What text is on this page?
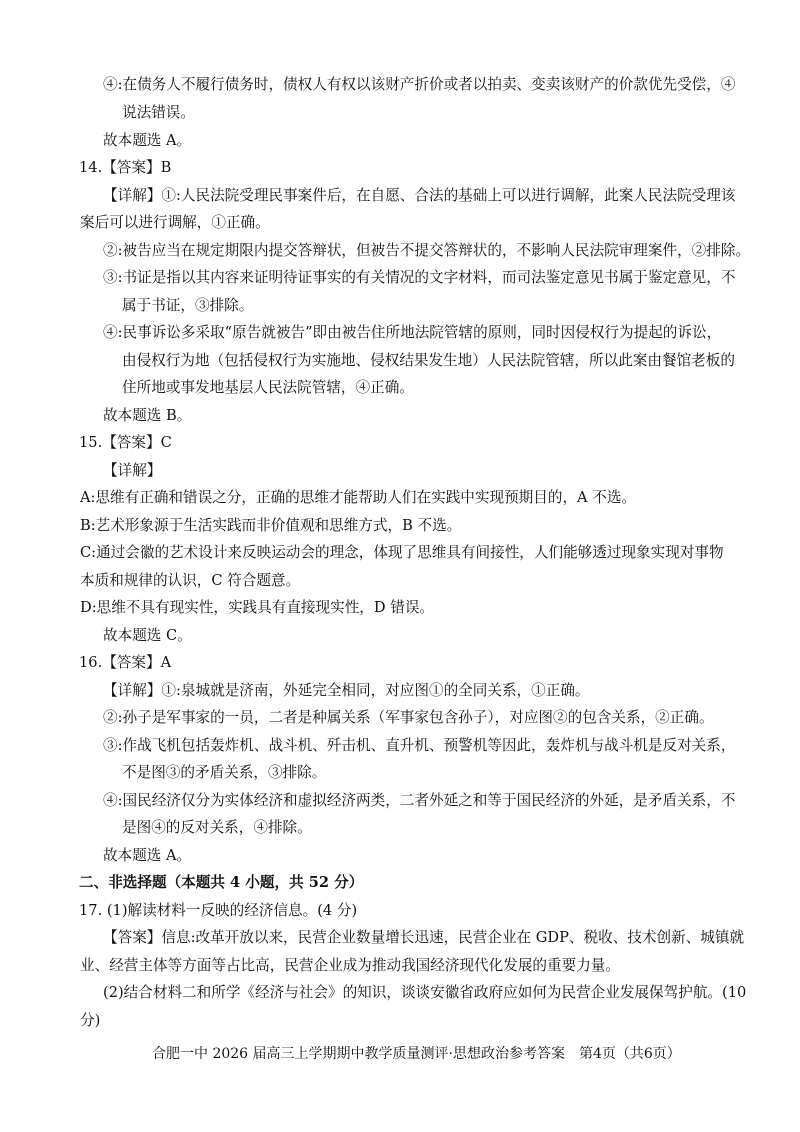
④:在债务人不履行债务时，债权人有权以该财产折价或者以拍卖、变卖该财产的价款优先受偿，④
说法错误。
故本题选 A。
14.【答案】B
【详解】①:人民法院受理民事案件后，在自愿、合法的基础上可以进行调解，此案人民法院受理该
案后可以进行调解，①正确。
②:被告应当在规定期限内提交答辩状，但被告不提交答辩状的，不影响人民法院审理案件，②排除。
③:书证是指以其内容来证明待证事实的有关情况的文字材料，而司法鉴定意见书属于鉴定意见，不
属于书证，③排除。
④:民事诉讼多采取“原告就被告”即由被告住所地法院管辖的原则，同时因侵权行为提起的诉讼，
由侵权行为地（包括侵权行为实施地、侵权结果发生地）人民法院管辖，所以此案由餐馆老板的
住所地或事发地基层人民法院管辖，④正确。
故本题选 B。
15.【答案】C
【详解】
A:思维有正确和错误之分，正确的思维才能帮助人们在实践中实现预期目的，A 不选。
B:艺术形象源于生活实践而非价值观和思维方式，B 不选。
C:通过会徽的艺术设计来反映运动会的理念，体现了思维具有间接性，人们能够透过现象实现对事物
本质和规律的认识，C 符合题意。
D:思维不具有现实性，实践具有直接现实性，D 错误。
故本题选 C。
16.【答案】A
【详解】①:泉城就是济南，外延完全相同，对应图①的全同关系，①正确。
②:孙子是军事家的一员，二者是种属关系（军事家包含孙子），对应图②的包含关系，②正确。
③:作战飞机包括轰炸机、战斗机、歼击机、直升机、预警机等因此，轰炸机与战斗机是反对关系，
不是图③的矛盾关系，③排除。
④:国民经济仅分为实体经济和虚拟经济两类，二者外延之和等于国民经济的外延，是矛盾关系，不
是图④的反对关系，④排除。
故本题选 A。
二、非选择题（本题共 4 小题，共 52 分）
17. (1)解读材料一反映的经济信息。(4 分)
【答案】信息:改革开放以来，民营企业数量增长迅速，民营企业在 GDP、税收、技术创新、城镇就
业、经营主体等方面等占比高，民营企业成为推动我国经济现代化发展的重要力量。
(2)结合材料二和所学《经济与社会》的知识，谈谈安徽省政府应如何为民营企业发展保驾护航。(10
分)
合肥一中 2026 届高三上学期期中教学质量测评·思想政治参考答案　第4页（共6页）
